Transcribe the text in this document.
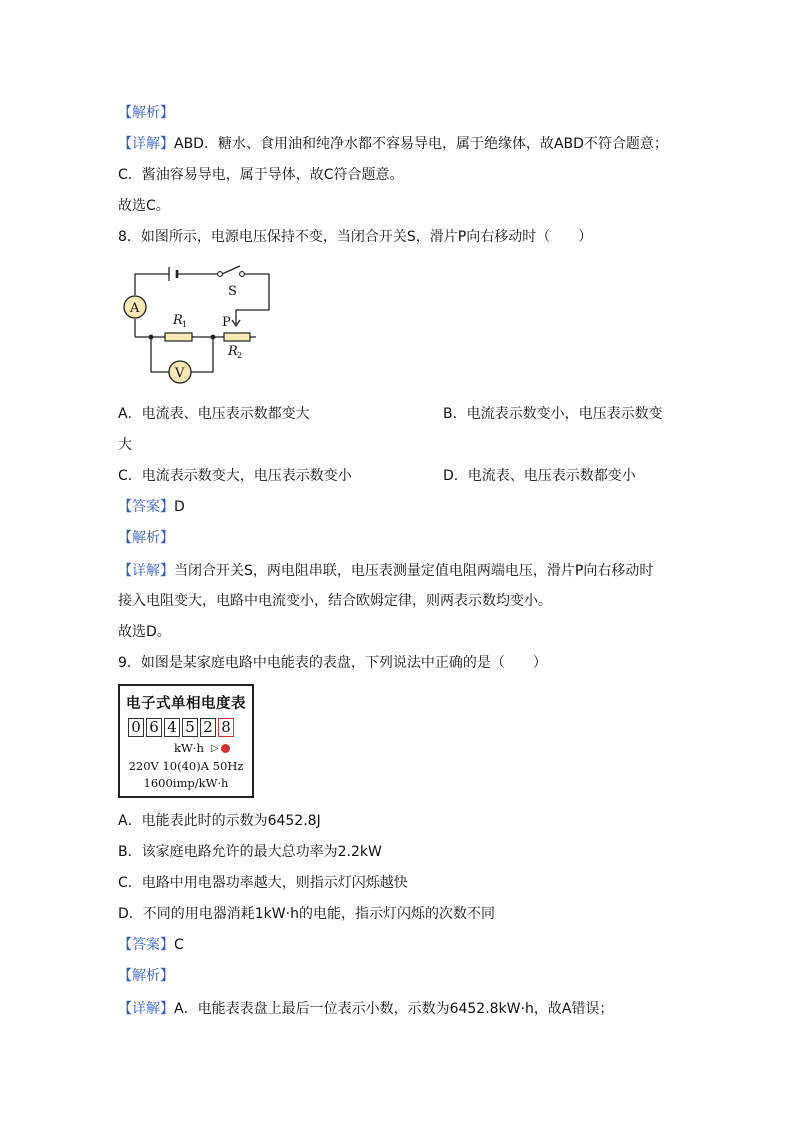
【解析】
【详解】ABD．糖水、食用油和纯净水都不容易导电，属于绝缘体，故ABD不符合题意；
C．酱油容易导电，属于导体，故C符合题意。
故选C。
8．如图所示，电源电压保持不变，当闭合开关S，滑片P向右移动时（　　）
A
V
S
P
R 1
R 2
A．电流表、电压表示数都变大	B．电流表示数变小，电压表示数变
大
C．电流表示数变大，电压表示数变小	D．电流表、电压表示数都变小
【答案】D
【解析】
【详解】当闭合开关S，两电阻串联，电压表测量定值电阻两端电压，滑片P向右移动时
接入电阻变大，电路中电流变小，结合欧姆定律，则两表示数均变小。
故选D。
9．如图是某家庭电路中电能表的表盘，下列说法中正确的是（　　）
电子式单相电度表
0 6 4 5 2 8
kW·h ▷
220V 10(40)A 50Hz
1600imp/kW·h
A．电能表此时的示数为6452.8J
B．该家庭电路允许的最大总功率为2.2kW
C．电路中用电器功率越大，则指示灯闪烁越快
D．不同的用电器消耗1kW·h的电能，指示灯闪烁的次数不同
【答案】C
【解析】
【详解】A．电能表表盘上最后一位表示小数，示数为6452.8kW·h，故A错误；
